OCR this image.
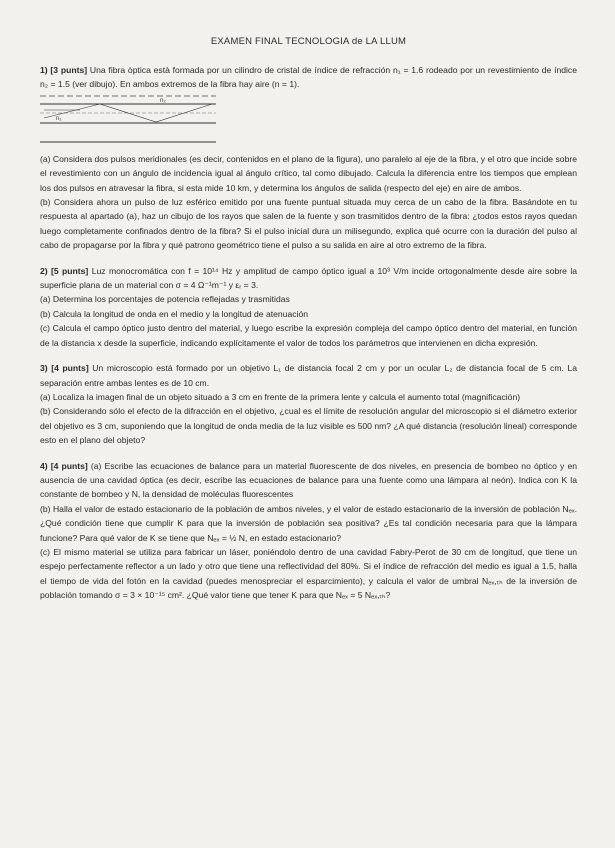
EXAMEN FINAL TECNOLOGIA de LA LLUM

1) [3 punts] Una fibra òptica està formada por un cilindro de cristal de índice de refracción n₁ = 1.6 rodeado por un revestimiento de índice n₂ = 1.5 (ver dibujo). En ambos extremos de la fibra hay aire (n = 1).

n₂
n₁

(a) Considera dos pulsos meridionales (es decir, contenidos en el plano de la figura), uno paralelo al eje de la fibra, y el otro que incide sobre el revestimiento con un ángulo de incidencia igual al ángulo crítico, tal como dibujado. Calcula la diferencia entre los tiempos que emplean los dos pulsos en atravesar la fibra, si esta mide 10 km, y determina los ángulos de salida (respecto del eje) en aire de ambos.

(b) Considera ahora un pulso de luz esférico emitido por una fuente puntual situada muy cerca de un cabo de la fibra. Basándote en tu respuesta al apartado (a), haz un cibujo de los rayos que salen de la fuente y son trasmitidos dentro de la fibra: ¿todos estos rayos quedan luego completamente confinados dentro de la fibra? Si el pulso inicial dura un milisegundo, explica qué ocurre con la duración del pulso al cabo de propagarse por la fibra y qué patrono geométrico tiene el pulso a su salida en aire al otro extremo de la fibra.

2) [5 punts] Luz monocromática con f = 10¹⁴ Hz y amplitud de campo óptico igual a 10³ V/m incide ortogonalmente desde aire sobre la superficie plana de un material con σ = 4 Ω⁻¹m⁻¹ y εᵣ = 3.

(a) Determina los porcentajes de potencia reflejadas y trasmitidas

(b) Calcula la longitud de onda en el medio y la longitud de atenuación

(c) Calcula el campo óptico justo dentro del material, y luego escribe la expresión compleja del campo óptico dentro del material, en función de la distancia x desde la superficie, indicando explícitamente el valor de todos los parámetros que intervienen en dicha expresión.

3) [4 punts] Un microscopio está formado por un objetivo L₁ de distancia focal 2 cm y por un ocular L₂ de distancia focal de 5 cm. La separación entre ambas lentes es de 10 cm.

(a) Localiza la imagen final de un objeto situado a 3 cm en frente de la primera lente y calcula el aumento total (magnificación)

(b) Considerando sólo el efecto de la difracción en el objetivo, ¿cual es el límite de resolución angular del microscopio si el diámetro exterior del objetivo es 3 cm, suponiendo que la longitud de onda media de la luz visible es 500 nm? ¿A qué distancia (resolución lineal) corresponde esto en el plano del objeto?

4) [4 punts] (a) Escribe las ecuaciones de balance para un material fluorescente de dos niveles, en presencia de bombeo no óptico y en ausencia de una cavidad óptica (es decir, escribe las ecuaciones de balance para una fuente como una lámpara al neón). Indica con K la constante de bombeo y N, la densidad de moléculas fluorescentes

(b) Halla el valor de estado estacionario de la población de ambos niveles, y el valor de estado estacionario de la inversión de población Nₑₓ. ¿Qué condición tiene que cumplir K para que la inversión de población sea positiva? ¿Es tal condición necesaria para que la lámpara funcione? Para qué valor de K se tiene que Nₑₓ = ½ N, en estado estacionario?

(c) El mismo material se utiliza para fabricar un láser, poniéndolo dentro de una cavidad Fabry-Perot de 30 cm de longitud, que tiene un espejo perfectamente reflector a un lado y otro que tiene una reflectividad del 80%. Si el índice de refracción del medio es igual a 1.5, halla el tiempo de vida del fotón en la cavidad (puedes menospreciar el esparcimiento), y calcula el valor de umbral Nₑₓ,ₜₕ de la inversión de población tomando σ = 3 × 10⁻¹⁵ cm². ¿Qué valor tiene que tener K para que Nₑₓ = 5 Nₑₓ,ₜₕ?
